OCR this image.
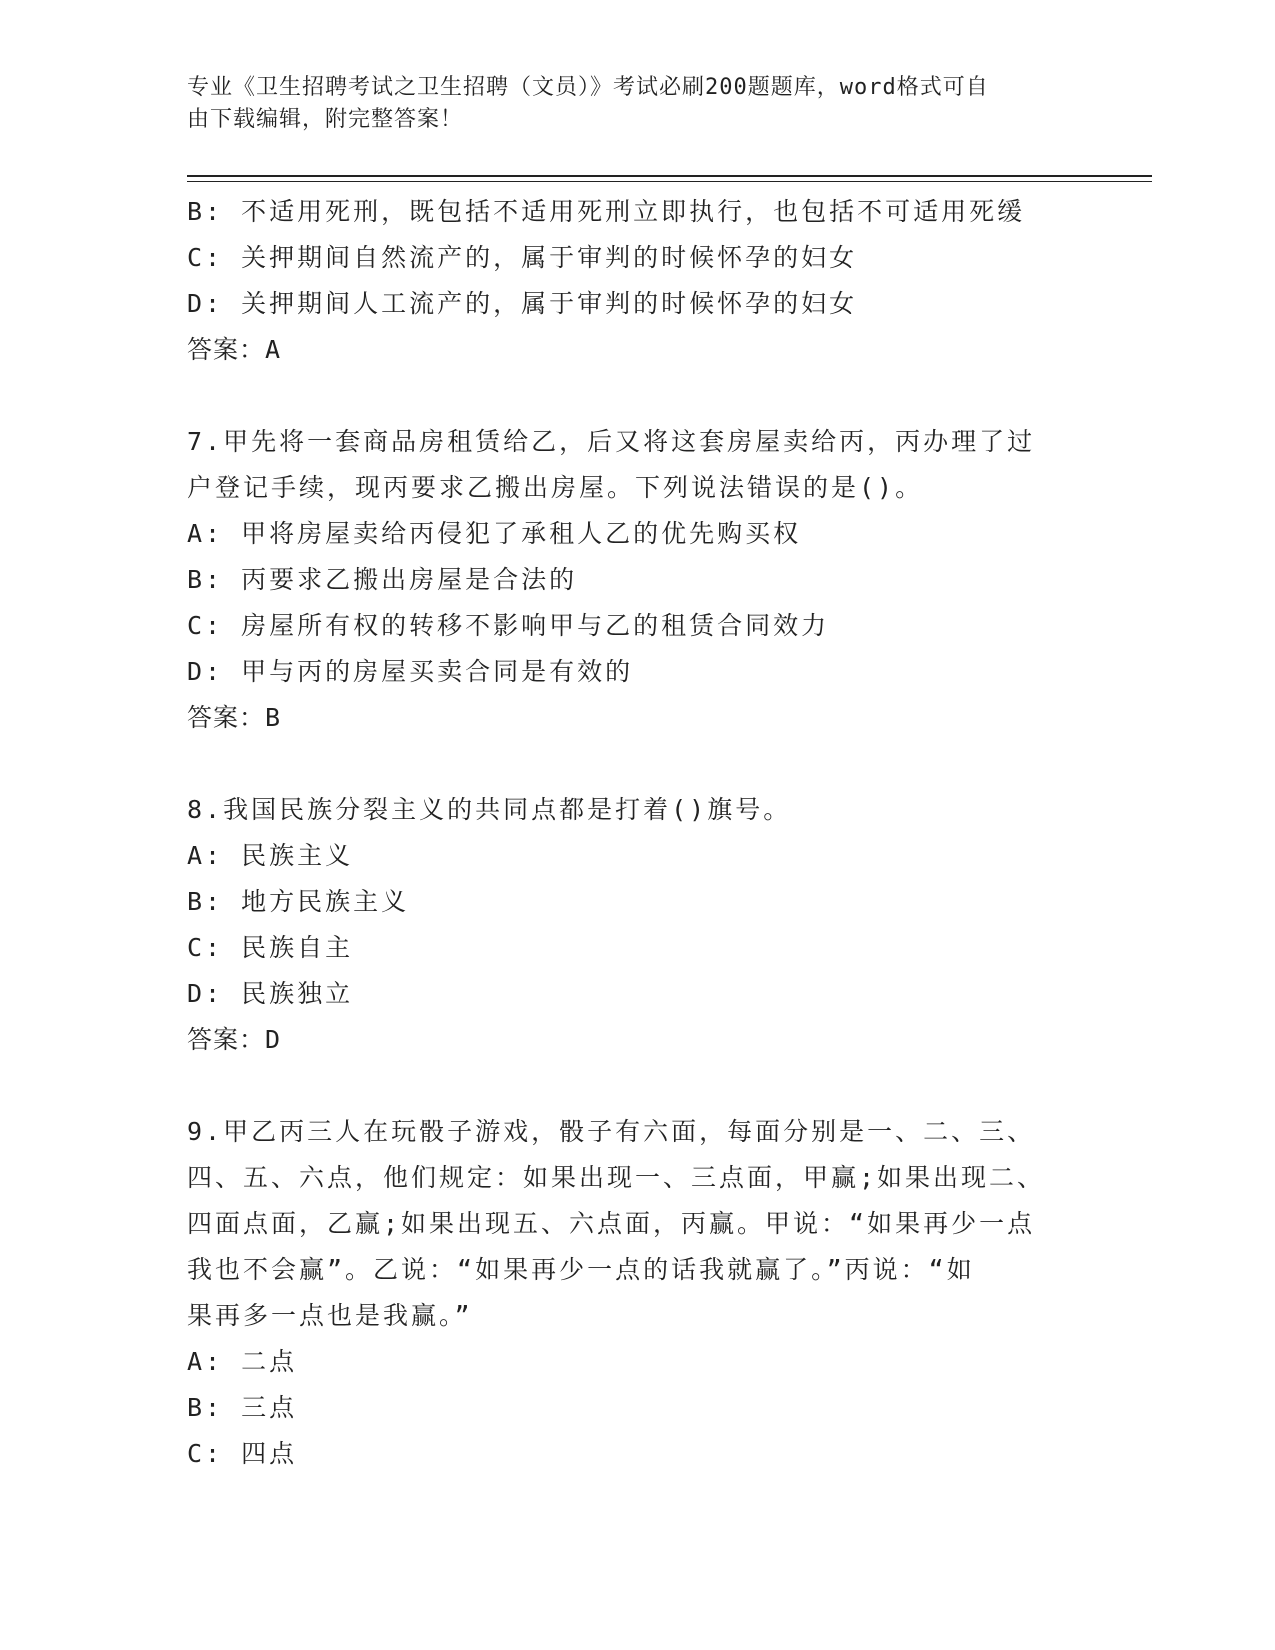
专业《卫生招聘考试之卫生招聘（文员）》考试必刷200题题库，word格式可自
由下载编辑，附完整答案！
B: 不适用死刑，既包括不适用死刑立即执行，也包括不可适用死缓
C: 关押期间自然流产的，属于审判的时候怀孕的妇女
D: 关押期间人工流产的，属于审判的时候怀孕的妇女
答案：A
7.甲先将一套商品房租赁给乙，后又将这套房屋卖给丙，丙办理了过
户登记手续，现丙要求乙搬出房屋。下列说法错误的是()。
A: 甲将房屋卖给丙侵犯了承租人乙的优先购买权
B: 丙要求乙搬出房屋是合法的
C: 房屋所有权的转移不影响甲与乙的租赁合同效力
D: 甲与丙的房屋买卖合同是有效的
答案：B
8.我国民族分裂主义的共同点都是打着()旗号。
A: 民族主义
B: 地方民族主义
C: 民族自主
D: 民族独立
答案：D
9.甲乙丙三人在玩骰子游戏，骰子有六面，每面分别是一、二、三、
四、五、六点，他们规定：如果出现一、三点面，甲赢;如果出现二、
四面点面，乙赢;如果出现五、六点面，丙赢。甲说：“如果再少一点
我也不会赢”。乙说：“如果再少一点的话我就赢了。”丙说：“如
果再多一点也是我赢。”
A: 二点
B: 三点
C: 四点
